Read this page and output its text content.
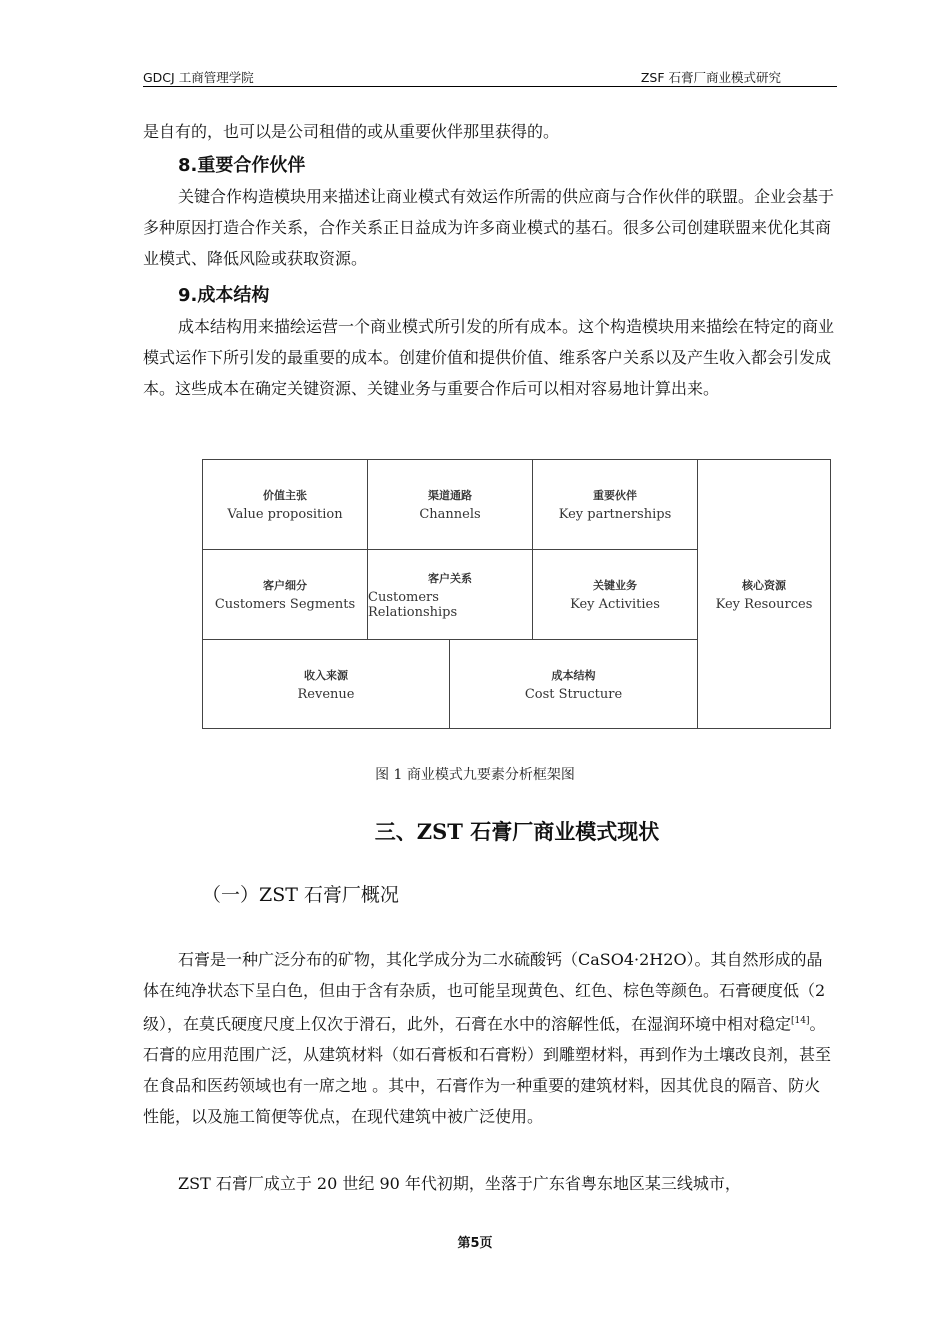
GDCJ 工商管理学院	ZSF 石膏厂商业模式研究

是自有的，也可以是公司租借的或从重要伙伴那里获得的。

8.重要合作伙伴

关键合作构造模块用来描述让商业模式有效运作所需的供应商与合作伙伴的联盟。企业会基于多种原因打造合作关系，合作关系正日益成为许多商业模式的基石。很多公司创建联盟来优化其商业模式、降低风险或获取资源。

9.成本结构

成本结构用来描绘运营一个商业模式所引发的所有成本。这个构造模块用来描绘在特定的商业模式运作下所引发的最重要的成本。创建价值和提供价值、维系客户关系以及产生收入都会引发成本。这些成本在确定关键资源、关键业务与重要合作后可以相对容易地计算出来。

价值主张
Value proposition
渠道通路
Channels
重要伙伴
Key partnerships
核心资源
Key Resources
客户细分
Customers Segments
客户关系
Customers Relationships
关键业务
Key Activities
收入来源
Revenue
成本结构
Cost Structure
图 1 商业模式九要素分析框架图
三、ZST 石膏厂商业模式现状
（一）ZST 石膏厂概况

石膏是一种广泛分布的矿物，其化学成分为二水硫酸钙（CaSO4·2H2O）。其自然形成的晶体在纯净状态下呈白色，但由于含有杂质，也可能呈现黄色、红色、棕色等颜色。石膏硬度低（2 级），在莫氏硬度尺度上仅次于滑石，此外，石膏在水中的溶解性低，在湿润环境中相对稳定[14]。石膏的应用范围广泛，从建筑材料（如石膏板和石膏粉）到雕塑材料，再到作为土壤改良剂，甚至在食品和医药领域也有一席之地 。其中，石膏作为一种重要的建筑材料，因其优良的隔音、防火性能，以及施工简便等优点，在现代建筑中被广泛使用。

ZST 石膏厂成立于 20 世纪 90 年代初期，坐落于广东省粤东地区某三线城市，

第5页
